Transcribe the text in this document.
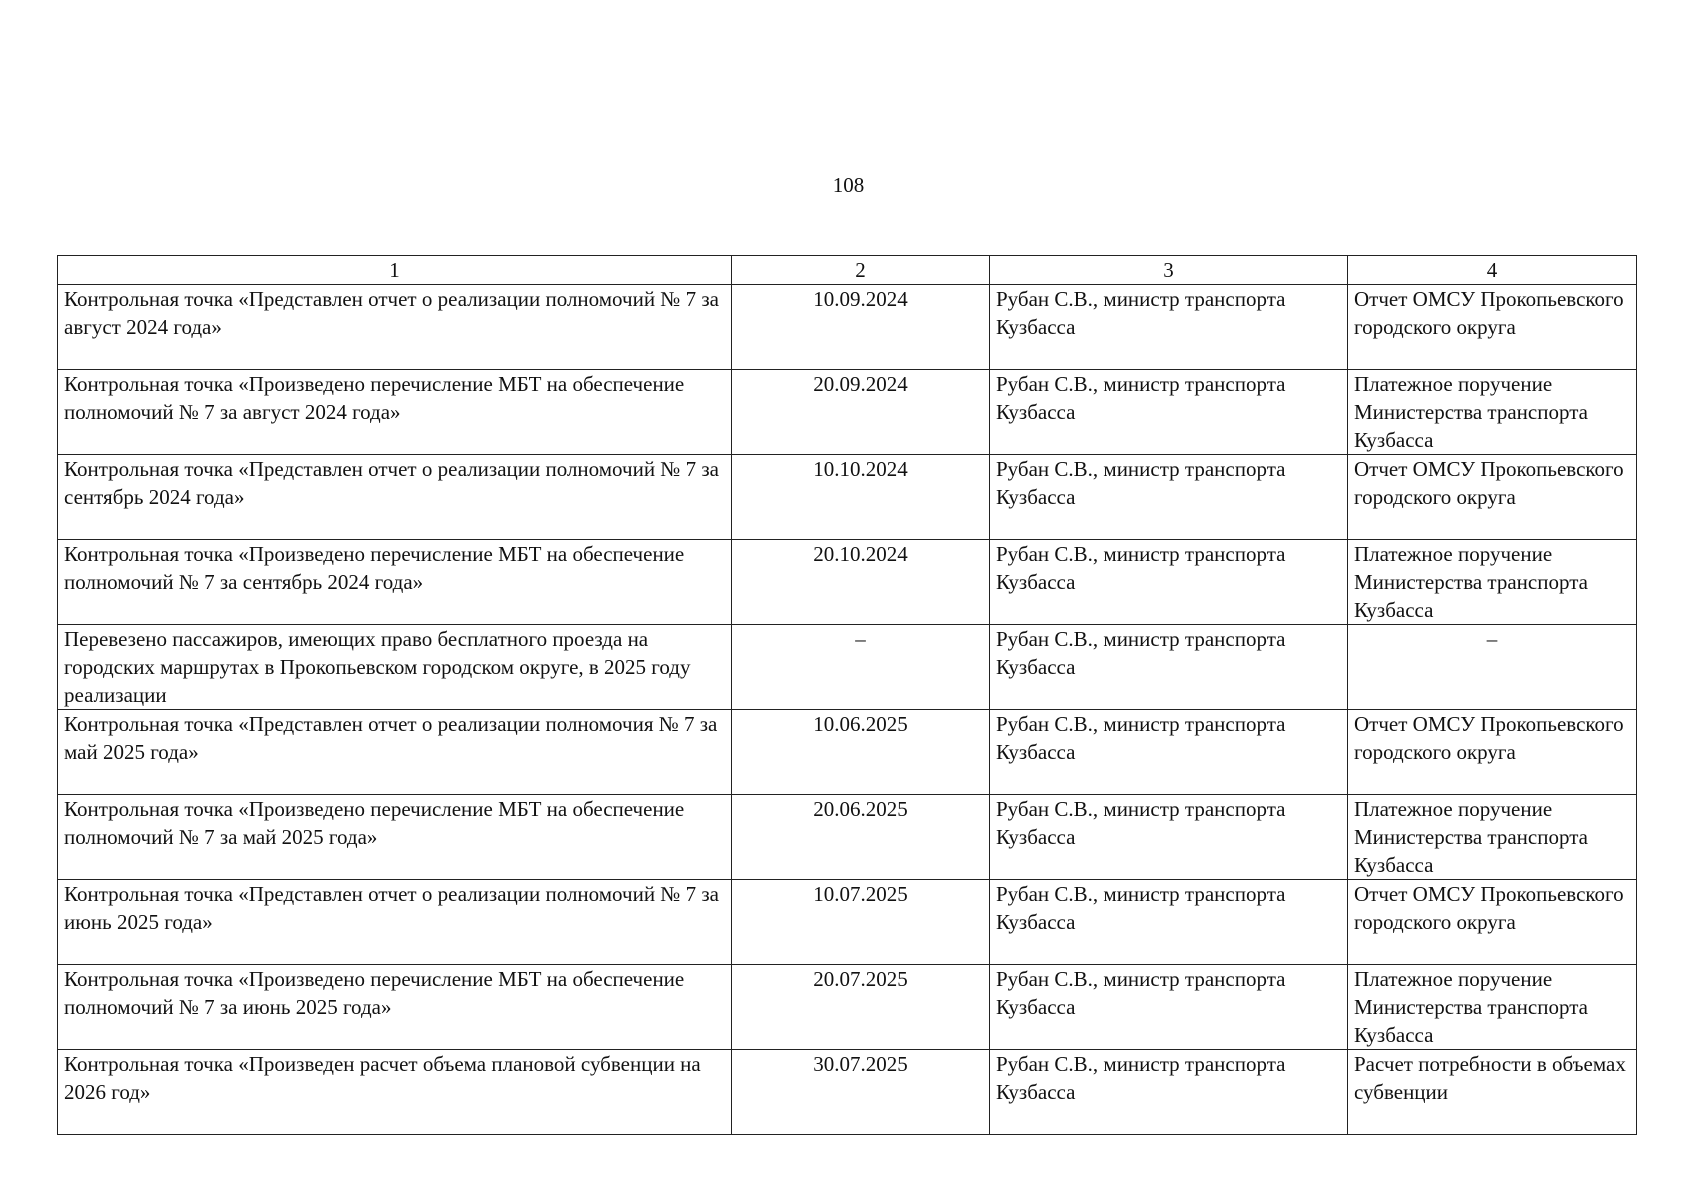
108
1	2	3	4
Контрольная точка «Представлен отчет о реализации полномочий № 7 за август 2024 года»	10.09.2024	Рубан С.В., министр транспорта Кузбасса	Отчет ОМСУ Прокопьевского городского округа
Контрольная точка «Произведено перечисление МБТ на обеспечение полномочий № 7 за август 2024 года»	20.09.2024	Рубан С.В., министр транспорта Кузбасса	Платежное поручение Министерства транспорта Кузбасса
Контрольная точка «Представлен отчет о реализации полномочий № 7 за сентябрь 2024 года»	10.10.2024	Рубан С.В., министр транспорта Кузбасса	Отчет ОМСУ Прокопьевского городского округа
Контрольная точка «Произведено перечисление МБТ на обеспечение полномочий № 7 за сентябрь 2024 года»	20.10.2024	Рубан С.В., министр транспорта Кузбасса	Платежное поручение Министерства транспорта Кузбасса
Перевезено пассажиров, имеющих право бесплатного проезда на городских маршрутах в Прокопьевском городском округе, в 2025 году реализации	–	Рубан С.В., министр транспорта Кузбасса	–
Контрольная точка «Представлен отчет о реализации полномочия № 7 за май 2025 года»	10.06.2025	Рубан С.В., министр транспорта Кузбасса	Отчет ОМСУ Прокопьевского городского округа
Контрольная точка «Произведено перечисление МБТ на обеспечение полномочий № 7 за май 2025 года»	20.06.2025	Рубан С.В., министр транспорта Кузбасса	Платежное поручение Министерства транспорта Кузбасса
Контрольная точка «Представлен отчет о реализации полномочий № 7 за июнь 2025 года»	10.07.2025	Рубан С.В., министр транспорта Кузбасса	Отчет ОМСУ Прокопьевского городского округа
Контрольная точка «Произведено перечисление МБТ на обеспечение полномочий № 7 за июнь 2025 года»	20.07.2025	Рубан С.В., министр транспорта Кузбасса	Платежное поручение Министерства транспорта Кузбасса
Контрольная точка «Произведен расчет объема плановой субвенции на 2026 год»	30.07.2025	Рубан С.В., министр транспорта Кузбасса	Расчет потребности в объемах субвенции
